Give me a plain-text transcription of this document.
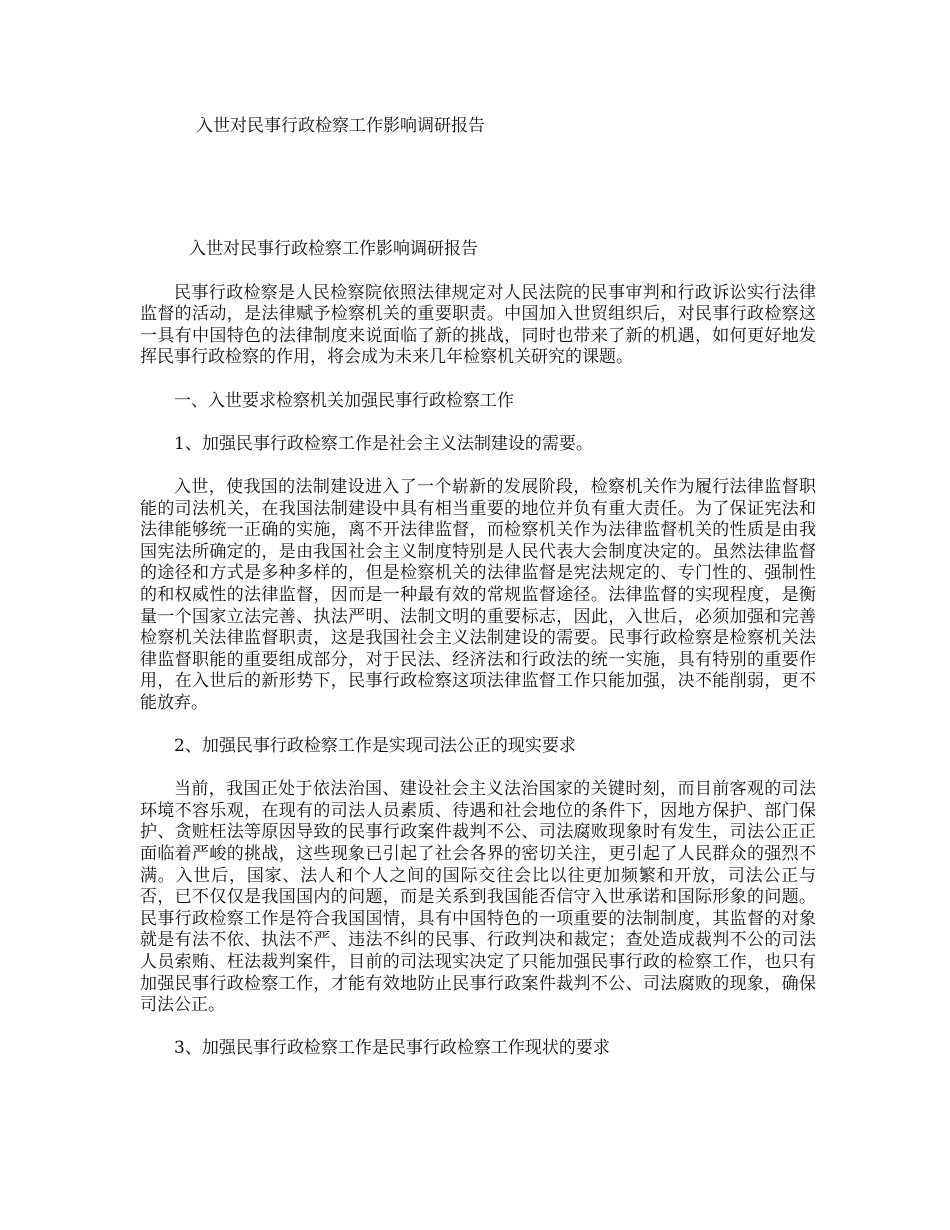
入世对民事行政检察工作影响调研报告

入世对民事行政检察工作影响调研报告

民事行政检察是人民检察院依照法律规定对人民法院的民事审判和行政诉讼实行法律监督的活动，是法律赋予检察机关的重要职责。中国加入世贸组织后，对民事行政检察这一具有中国特色的法律制度来说面临了新的挑战，同时也带来了新的机遇，如何更好地发挥民事行政检察的作用，将会成为未来几年检察机关研究的课题。

一、入世要求检察机关加强民事行政检察工作

1、加强民事行政检察工作是社会主义法制建设的需要。

入世，使我国的法制建设进入了一个崭新的发展阶段，检察机关作为履行法律监督职能的司法机关，在我国法制建设中具有相当重要的地位并负有重大责任。为了保证宪法和法律能够统一正确的实施，离不开法律监督，而检察机关作为法律监督机关的性质是由我国宪法所确定的，是由我国社会主义制度特别是人民代表大会制度决定的。虽然法律监督的途径和方式是多种多样的，但是检察机关的法律监督是宪法规定的、专门性的、强制性的和权威性的法律监督，因而是一种最有效的常规监督途径。法律监督的实现程度，是衡量一个国家立法完善、执法严明、法制文明的重要标志，因此，入世后，必须加强和完善检察机关法律监督职责，这是我国社会主义法制建设的需要。民事行政检察是检察机关法律监督职能的重要组成部分，对于民法、经济法和行政法的统一实施，具有特别的重要作用，在入世后的新形势下，民事行政检察这项法律监督工作只能加强，决不能削弱，更不能放弃。

2、加强民事行政检察工作是实现司法公正的现实要求

当前，我国正处于依法治国、建设社会主义法治国家的关键时刻，而目前客观的司法环境不容乐观，在现有的司法人员素质、待遇和社会地位的条件下，因地方保护、部门保护、贪赃枉法等原因导致的民事行政案件裁判不公、司法腐败现象时有发生，司法公正正面临着严峻的挑战，这些现象已引起了社会各界的密切关注，更引起了人民群众的强烈不满。入世后，国家、法人和个人之间的国际交往会比以往更加频繁和开放，司法公正与否，已不仅仅是我国国内的问题，而是关系到我国能否信守入世承诺和国际形象的问题。民事行政检察工作是符合我国国情，具有中国特色的一项重要的法制制度，其监督的对象就是有法不依、执法不严、违法不纠的民事、行政判决和裁定；查处造成裁判不公的司法人员索贿、枉法裁判案件，目前的司法现实决定了只能加强民事行政的检察工作，也只有加强民事行政检察工作，才能有效地防止民事行政案件裁判不公、司法腐败的现象，确保司法公正。

3、加强民事行政检察工作是民事行政检察工作现状的要求
